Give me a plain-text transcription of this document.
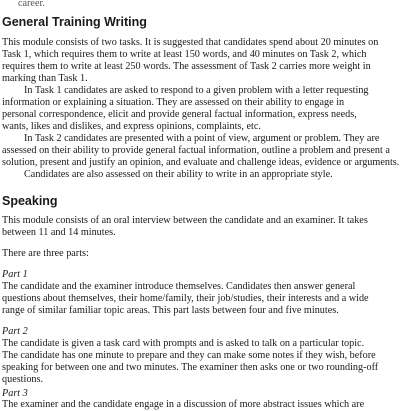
career.

General Training Writing

This module consists of two tasks. It is suggested that candidates spend about 20 minutes on

Task 1, which requires them to write at least 150 words, and 40 minutes on Task 2, which

requires them to write at least 250 words. The assessment of Task 2 carries more weight in

marking than Task 1.

In Task 1 candidates are asked to respond to a given problem with a letter requesting

information or explaining a situation. They are assessed on their ability to engage in

personal correspondence, elicit and provide general factual information, express needs,

wants, likes and dislikes, and express opinions, complaints, etc.

In Task 2 candidates are presented with a point of view, argument or problem. They are

assessed on their ability to provide general factual information, outline a problem and present a

solution, present and justify an opinion, and evaluate and challenge ideas, evidence or arguments.

Candidates are also assessed on their ability to write in an appropriate style.

Speaking

This module consists of an oral interview between the candidate and an examiner. It takes

between 11 and 14 minutes.

There are three parts:

Part 1

The candidate and the examiner introduce themselves. Candidates then answer general

questions about themselves, their home/family, their job/studies, their interests and a wide

range of similar familiar topic areas. This part lasts between four and five minutes.

Part 2

The candidate is given a task card with prompts and is asked to talk on a particular topic.

The candidate has one minute to prepare and they can make some notes if they wish, before

speaking for between one and two minutes. The examiner then asks one or two rounding-off

questions.

Part 3

The examiner and the candidate engage in a discussion of more abstract issues which are
